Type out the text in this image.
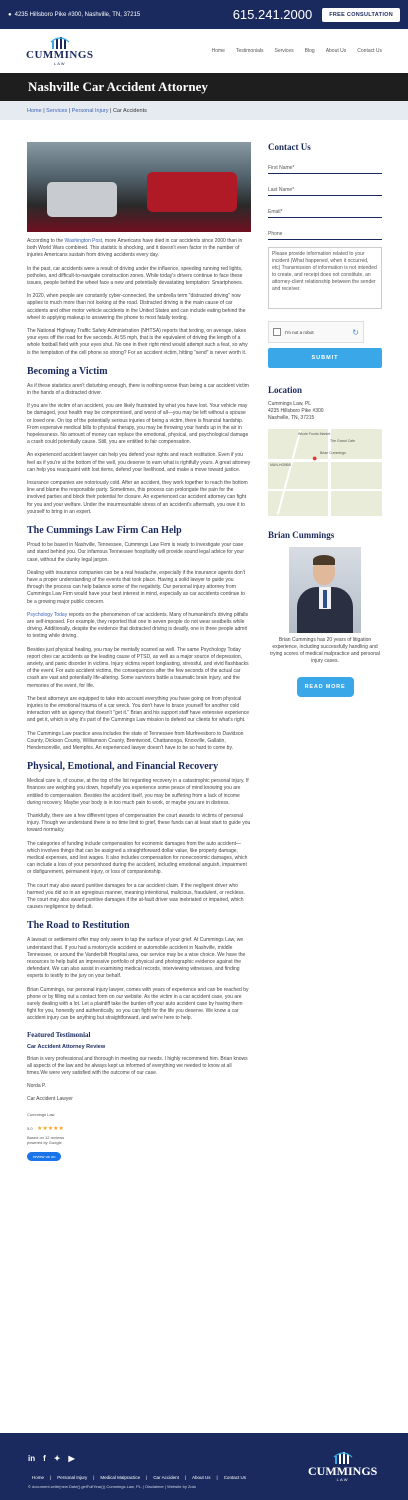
● 4235 Hillsboro Pike #300, Nashville, TN, 37215	615.241.2000	FREE CONSULTATION
CUMMINGS
LAW
Home Testimonials Services Blog About Us Contact Us
Nashville Car Accident Attorney
Home | Services | Personal Injury | Car Accidents

According to the Washington Post, more Americans have died in car accidents since 2000 than in both World Wars combined. This statistic is shocking, and it doesn't even factor in the number of injuries Americans sustain from driving accidents every day.

In the past, car accidents were a result of driving under the influence, speeding running red lights, potholes, and difficult-to-navigate construction zones. While today's drivers continue to face these issues, people behind the wheel face a new and potentially devastating temptation: Smartphones.

In 2020, when people are constantly cyber-connected, the umbrella term "distracted driving" now applies to much more than not looking at the road. Distracted driving is the main cause of car accidents and other motor vehicle accidents in the United States and can include eating behind the wheel to applying makeup to answering the phone to most fatally texting.

The National Highway Traffic Safety Administration (NHTSA) reports that texting, on average, takes your eyes off the road for five seconds. At 55 mph, that is the equivalent of driving the length of a whole football field with your eyes shut. No one in their right mind would attempt such a feat, so why is the temptation of the cell phone so strong? For an accident victim, hitting "send" is never worth it.

Becoming a Victim

As if these statistics aren't disturbing enough, there is nothing worse than being a car accident victim in the hands of a distracted driver.

If you are the victim of an accident, you are likely frustrated by what you have lost. Your vehicle may be damaged, your health may be compromised, and worst of all—you may be left without a spouse or loved one. On top of the potentially serious injuries of being a victim, there is financial hardship. From expensive medical bills to physical therapy, you may be throwing your hands up in the air in hopelessness. No amount of money can replace the emotional, physical, and psychological damage a crash could potentially cause. Still, you are entitled to fair compensation.

An experienced accident lawyer can help you defend your rights and reach restitution. Even if you feel as if you're at the bottom of the well, you deserve to earn what is rightfully yours. A great attorney can help you reacquaint with lost items, defend your livelihood, and make a move toward justice.

Insurance companies are notoriously cold. After an accident, they work together to reach the bottom line and blame the responsible party. Sometimes, this process can prolongate the pain for the involved parties and block their potential for closure. An experienced car accident attorney can fight for you and your welfare. Under the insurmountable stress of an accident's aftermath, you owe it to yourself to bring in an expert.

The Cummings Law Firm Can Help

Proud to be based in Nashville, Tennessee, Cummings Law Firm is ready to investigate your case and stand behind you. Our infamous Tennessee hospitality will provide sound legal advice for your case, without the clunky legal jargon.

Dealing with insurance companies can be a real headache, especially if the insurance agents don't have a proper understanding of the events that took place. Having a solid lawyer to guide you through the process can help balance some of the negativity. Our personal injury attorney from Cummings Law Firm would have your best interest in mind, especially as car accidents continue to be a growing major public concern.

Psychology Today reports on the phenomenon of car accidents. Many of humankind's driving pitfalls are self-imposed. For example, they reported that one in seven people do not wear seatbelts while driving. Additionally, despite the evidence that distracted driving is deadly, one in three people admit to texting while driving.

Besides just physical healing, you may be mentally scarred as well. The same Psychology Today report cites car accidents as the leading cause of PTSD, as well as a major source of depression, anxiety, and panic disorder in victims. Injury victims report longlasting, stressful, and vivid flashbacks of the event. For auto accident victims, the consequences after the few seconds of the actual car crash are vast and potentially life-altering. Some survivors battle a traumatic brain injury, and the memories of the event, for life.

The best attorneys are equipped to take into account everything you have going on from physical injuries to the emotional trauma of a car wreck. You don't have to brace yourself for another cold interaction with an agency that doesn't "get it." Brian and his support staff have extensive experience and get it, which is why it's part of the Cummings Law mission to defend our clients for what's right.

The Cummings Law practice area includes the state of Tennessee from Murfreesboro to Davidson County, Dickson County, Williamson County, Brentwood, Chattanooga, Knoxville, Gallatin, Hendersonville, and Memphis. An experienced lawyer doesn't have to be so hard to come by.

Physical, Emotional, and Financial Recovery

Medical care is, of course, at the top of the list regarding recovery in a catastrophic personal injury. If finances are weighing you down, hopefully you experience some peace of mind knowing you are entitled to compensation. Besides the accident itself, you may be suffering from a lack of income during recovery. Maybe your body is in too much pain to work, or maybe you are in distress.

Thankfully, there are a few different types of compensation the court awards to victims of personal injury. Though we understand there is no time limit to grief, these funds can at least start to guide you toward normalcy.

The categories of funding include compensation for economic damages from the auto accident—which involves things that can be assigned a straightforward dollar value, like property damage, medical expenses, and lost wages. It also includes compensation for noneconomic damages, which can include a loss of your personhood during the accident, including emotional anguish, impairment or disfigurement, permanent injury, or loss of companionship.

The court may also award punitive damages for a car accident claim. If the negligent driver who harmed you did so in an egregious manner, meaning intentional, malicious, fraudulent, or reckless. The court may also award punitive damages if the at-fault driver was inebriated or impaired, which causes negligence by default.

The Road to Restitution

A lawsuit or settlement offer may only seem to tap the surface of your grief. At Cummings Law, we understand that. If you had a motorcycle accident or automobile accident in Nashville, middle Tennessee, or around the Vanderbilt Hospital area, our service may be a wise choice. We have the resources to help build an impressive portfolio of physical and photographic evidence against the defendant. We can also assist in examining medical records, interviewing witnesses, and finding experts to testify to the jury on your behalf.

Brian Cummings, our personal injury lawyer, comes with years of experience and can be reached by phone or by filling out a contact form on our website. As the victim in a car accident case, you are surely dealing with a lot. Let a plaintiff take the burden off your auto accident case by having them fight for you, honestly and authentically, so you can fight for the life you deserve. We know a car accident injury can be anything but straightforward, and we're here to help.

Featured Testimonial
Car Accident Attorney Review

Brian is very professional and thorough in meeting our needs. I highly recommend him. Brian knows all aspects of the law and he always kept us informed of everything we needed to know at all times.We were very satisfied with the outcome of our case.

Norda P.

Car Accident Lawyer

Cummings Law
5.0 ★★★★★
Based on 12 reviews
powered by Google
review us on
Contact Us
First Name*
Last Name*
Email*
Phone
Please provide information related to your incident (What happened, when it occurred, etc) Transmission of information is not intended to create, and receipt does not constitute, an attorney-client relationship between the sender and receiver.
I'm not a robot	↻
SUBMIT
Location
Cummings Law, PL
4235 Hillsboro Pike #300
Nashville, TN, 37215
Whole Foods Market
The Grand Cafe
MAN-HOBBS
Brian Cummings
●
Brian Cummings
Brian Cummings has 20 years of litigation experience, including successfully handling and trying scores of medical malpractice and personal injury cases.
READ MORE
in f ✦ ▶
Home | Personal Injury | Medical Malpractice | Car Accident | About Us | Contact Us
© document.write(new Date().getFullYear()) Cummings Law, PL. | Disclaimer | Website by Zola
CUMMINGS
LAW
